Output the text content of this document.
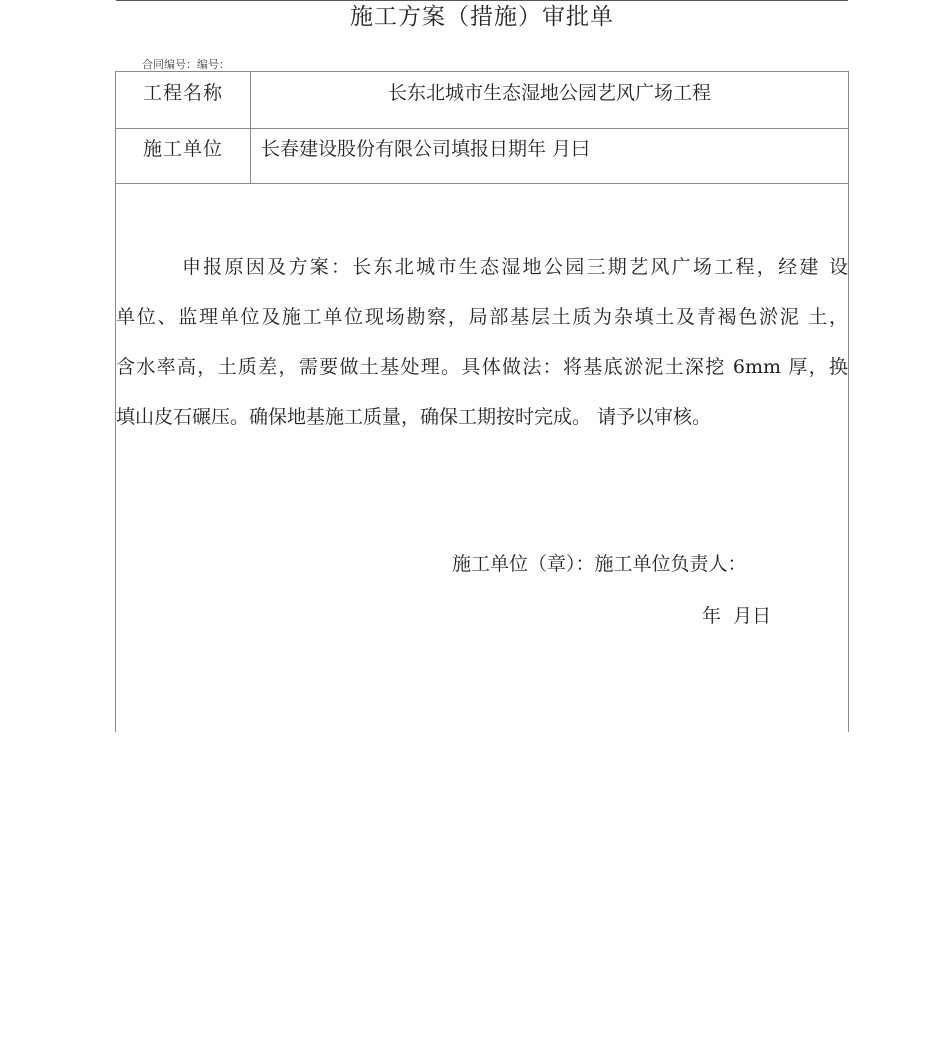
施工方案（措施）审批单
合同编号：编号：
工程名称	长东北城市生态湿地公园艺风广场工程
施工单位	长春建设股份有限公司填报日期年 月曰
申报原因及方案：长东北城市生态湿地公园三期艺风广场工程，经建 设
单位、监理单位及施工单位现场勘察，局部基层土质为杂填土及青褐色淤泥 土，
含水率高，土质差，需要做土基处理。具体做法：将基底淤泥土深挖 6mm 厚，换
填山皮石碾压。确保地基施工质量，确保工期按时完成。 请予以审核。
施工单位（章）：施工单位负责人：
年  月日
